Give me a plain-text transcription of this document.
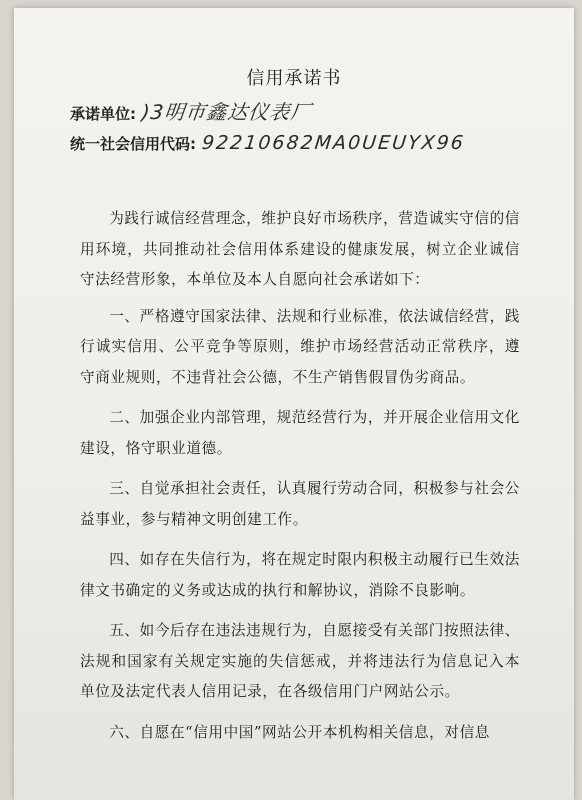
信用承诺书
承诺单位: )3明市鑫达仪表厂
统一社会信用代码: 92210682MA0UEUYX96

为践行诚信经营理念，维护良好市场秩序，营造诚实守信的信用环境，共同推动社会信用体系建设的健康发展，树立企业诚信守法经营形象，本单位及本人自愿向社会承诺如下：

一、严格遵守国家法律、法规和行业标准，依法诚信经营，践行诚实信用、公平竞争等原则，维护市场经营活动正常秩序，遵守商业规则，不违背社会公德，不生产销售假冒伪劣商品。

二、加强企业内部管理，规范经营行为，并开展企业信用文化建设，恪守职业道德。

三、自觉承担社会责任，认真履行劳动合同，积极参与社会公益事业，参与精神文明创建工作。

四、如存在失信行为，将在规定时限内积极主动履行已生效法律文书确定的义务或达成的执行和解协议，消除不良影响。

五、如今后存在违法违规行为，自愿接受有关部门按照法律、法规和国家有关规定实施的失信惩戒，并将违法行为信息记入本单位及法定代表人信用记录，在各级信用门户网站公示。

六、自愿在“信用中国”网站公开本机构相关信息，对信息
